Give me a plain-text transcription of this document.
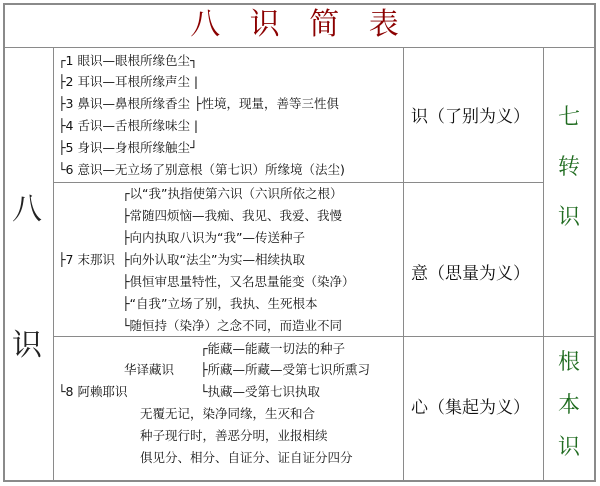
八 识 简 表
八
识
┌1 眼识—眼根所缘色尘┐
├2 耳识—耳根所缘声尘 |
├3 鼻识—鼻根所缘香尘 ├性境，现量，善等三性俱
├4 舌识—舌根所缘味尘 |
├5 身识—身根所缘触尘┘
└6 意识—无立场了别意根（第七识）所缘境（法尘)
识（了别为义）
┌以“我”执指使第六识（六识所依之根）
├常随四烦恼—我痴、我见、我爱、我慢
├向内执取八识为“我”—传送种子
├7 末那识 ├向外认取“法尘”为实—相续执取
├俱恒审思量特性，又名思量能变（染净）
├“自我”立场了别，我执、生死根本
└随恒持（染净）之念不同，而造业不同
意（思量为义）
┌能藏—能藏一切法的种子
华译藏识 ├所藏—所藏—受第七识所熏习
└8 阿赖耶识	└执藏—受第七识执取
无覆无记，染净同缘，生灭和合
种子现行时，善恶分明，业报相续
俱见分、相分、自证分、证自证分四分
心（集起为义）
七
转
识
根
本
识
